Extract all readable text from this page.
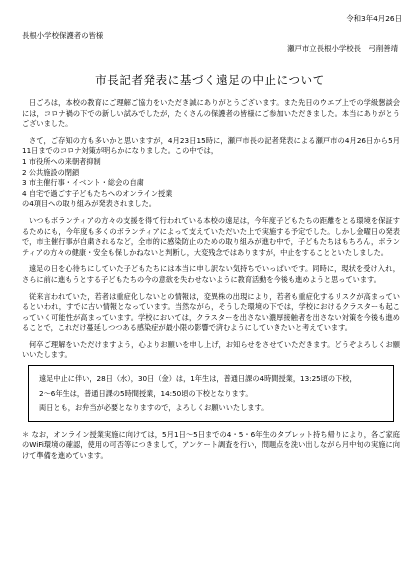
令和3年4月26日
長根小学校保護者の皆様
瀬戸市立長根小学校長　弓削善靖
市長記者発表に基づく遠足の中止について

日ごろは，本校の教育にご理解ご協力をいただき誠にありがとうございます。また先日のウエブ上での学級懇談会には，コロナ禍の下での新しい試みでしたが，たくさんの保護者の皆様にご参加いただきました。本当にありがとうございました。

さて，ご存知の方も多いかと思いますが，4月23日15時に，瀬戸市長の記者発表による瀬戸市の4月26日から5月11日までのコロナ対策が明らかになりました。この中では，

1 市役所への来朝者抑制
2 公共施設の閉鎖
3 市主催行事・イベント・総会の自粛
4 自宅で過ごす子どもたちへのオンライン授業

の4項目への取り組みが発表されました。

いつもボランティアの方々の支援を得て行われている本校の遠足は，今年度子どもたちの距離をとる環境を保証するためにも，今年度も多くのボランティアによって支えていただいた上で実施する予定でした。しかし金曜日の発表で，市主催行事が自粛されるなど，全市的に感染防止のための取り組みが進む中で，子どもたちはもちろん，ボランティアの方々の健康・安全も保しかねないと判断し，大変残念ではありますが，中止をすることといたしました。

遠足の日を心待ちにしていた子どもたちには本当に申し訳ない気持ちでいっぱいです。同時に，現状を受け入れ，さらに前に進もうとする子どもたちの今の意欲を失わせないように教育活動を今後も進めようと思っています。

従来言われていた，若者は重症化しないとの情報は，変異株の出現により，若者も重症化するリスクが高まっているといわれ，すでに古い情報となっています。当然ながら，そうした環境の下では，学校におけるクラスターも起こっていく可能性が高まっています。学校においては，クラスターを出さない濃厚接触者を出さない対策を今後も進めることで，これだけ蔓延しつつある感染症が最小限の影響で済むようにしていきたいと考えています。

何卒ご理解をいただけますよう，心よりお願いを申し上げ，お知らせをさせていただきます。どうぞよろしくお願いいたします。

遠足中止に伴い，28日（水），30日（金）は，1年生は，普通日課の4時間授業，13:25頃の下校，

2～6年生は，普通日課の5時間授業，14:50頃の下校となります。

両日とも，お弁当が必要となりますので，よろしくお願いいたします。

＊ なお，オンライン授業実施に向けては，5月1日～5日までの4・5・6年生のタブレット持ち帰りにより，各ご家庭のWiFi環境の確認，使用の可否等につきまして，アンケート調査を行い，問題点を洗い出しながら月中旬の実施に向けて準備を進めています。
